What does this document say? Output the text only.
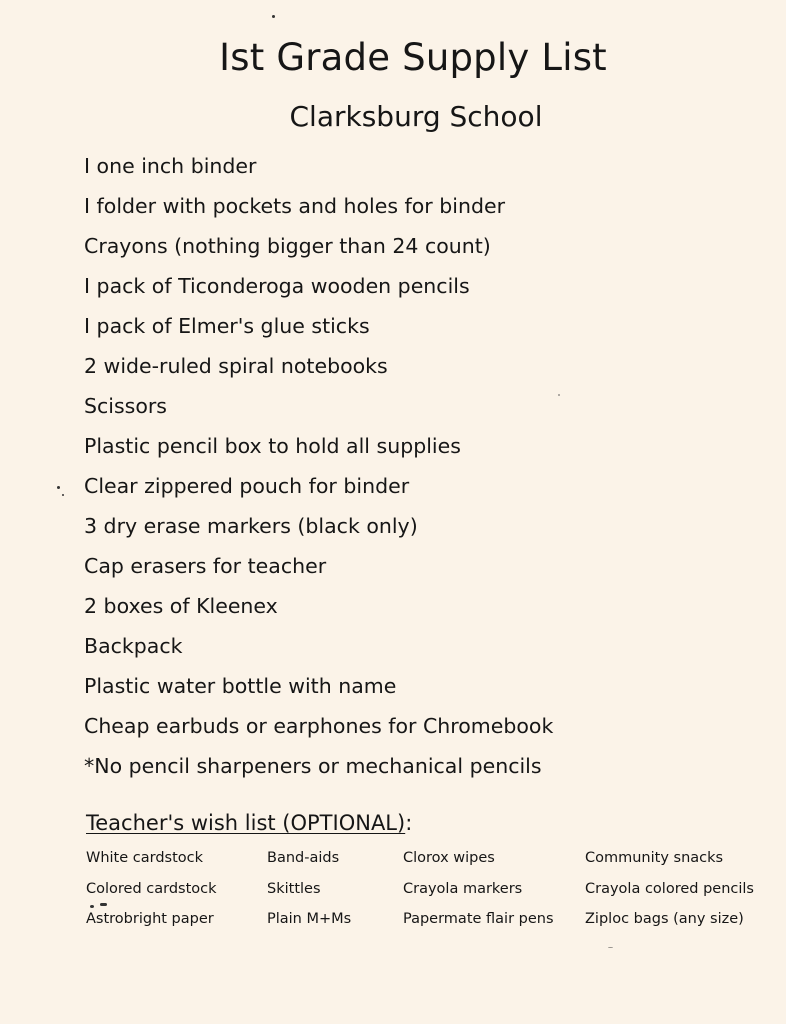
Ist Grade Supply List
Clarksburg School
I one inch binder
I folder with pockets and holes for binder
Crayons (nothing bigger than 24 count)
I pack of Ticonderoga wooden pencils
I pack of Elmer's glue sticks
2 wide-ruled spiral notebooks
Scissors
Plastic pencil box to hold all supplies
Clear zippered pouch for binder
3 dry erase markers (black only)
Cap erasers for teacher
2 boxes of Kleenex
Backpack
Plastic water bottle with name
Cheap earbuds or earphones for Chromebook
*No pencil sharpeners or mechanical pencils
Teacher's wish list (OPTIONAL):
White cardstock
Colored cardstock
Astrobright paper
Band-aids
Skittles
Plain M+Ms
Clorox wipes
Crayola markers
Papermate flair pens
Community snacks
Crayola colored pencils
Ziploc bags (any size)
